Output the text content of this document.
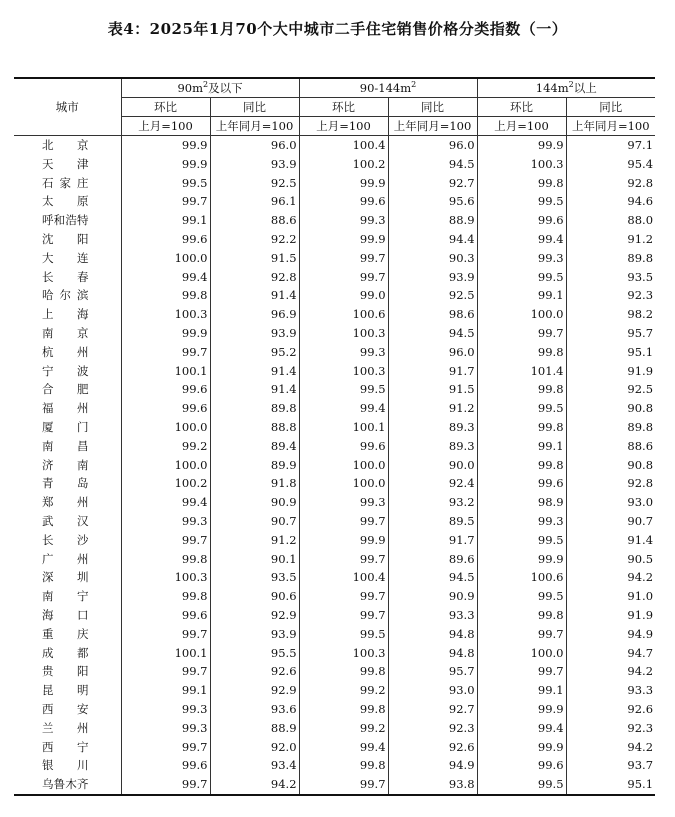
表4：2025年1月70个大中城市二手住宅销售价格分类指数（一）
城市	$90m^2$及以下		$90-144m^2$		$144m^2$以上	
	环比	同比	环比	同比	环比	同比
	上月=100	上年同月=100	上月=100	上年同月=100	上月=100	上年同月=100
北京	99.9	96.0	100.4	96.0	99.9	97.1
天津	99.9	93.9	100.2	94.5	100.3	95.4
石家庄	99.5	92.5	99.9	92.7	99.8	92.8
太原	99.7	96.1	99.6	95.6	99.5	94.6
呼和浩特	99.1	88.6	99.3	88.9	99.6	88.0
沈阳	99.6	92.2	99.9	94.4	99.4	91.2
大连	100.0	91.5	99.7	90.3	99.3	89.8
长春	99.4	92.8	99.7	93.9	99.5	93.5
哈尔滨	99.8	91.4	99.0	92.5	99.1	92.3
上海	100.3	96.9	100.6	98.6	100.0	98.2
南京	99.9	93.9	100.3	94.5	99.7	95.7
杭州	99.7	95.2	99.3	96.0	99.8	95.1
宁波	100.1	91.4	100.3	91.7	101.4	91.9
合肥	99.6	91.4	99.5	91.5	99.8	92.5
福州	99.6	89.8	99.4	91.2	99.5	90.8
厦门	100.0	88.8	100.1	89.3	99.8	89.8
南昌	99.2	89.4	99.6	89.3	99.1	88.6
济南	100.0	89.9	100.0	90.0	99.8	90.8
青岛	100.2	91.8	100.0	92.4	99.6	92.8
郑州	99.4	90.9	99.3	93.2	98.9	93.0
武汉	99.3	90.7	99.7	89.5	99.3	90.7
长沙	99.7	91.2	99.9	91.7	99.5	91.4
广州	99.8	90.1	99.7	89.6	99.9	90.5
深圳	100.3	93.5	100.4	94.5	100.6	94.2
南宁	99.8	90.6	99.7	90.9	99.5	91.0
海口	99.6	92.9	99.7	93.3	99.8	91.9
重庆	99.7	93.9	99.5	94.8	99.7	94.9
成都	100.1	95.5	100.3	94.8	100.0	94.7
贵阳	99.7	92.6	99.8	95.7	99.7	94.2
昆明	99.1	92.9	99.2	93.0	99.1	93.3
西安	99.3	93.6	99.8	92.7	99.9	92.6
兰州	99.3	88.9	99.2	92.3	99.4	92.3
西宁	99.7	92.0	99.4	92.6	99.9	94.2
银川	99.6	93.4	99.8	94.9	99.6	93.7
乌鲁木齐	99.7	94.2	99.7	93.8	99.5	95.1
